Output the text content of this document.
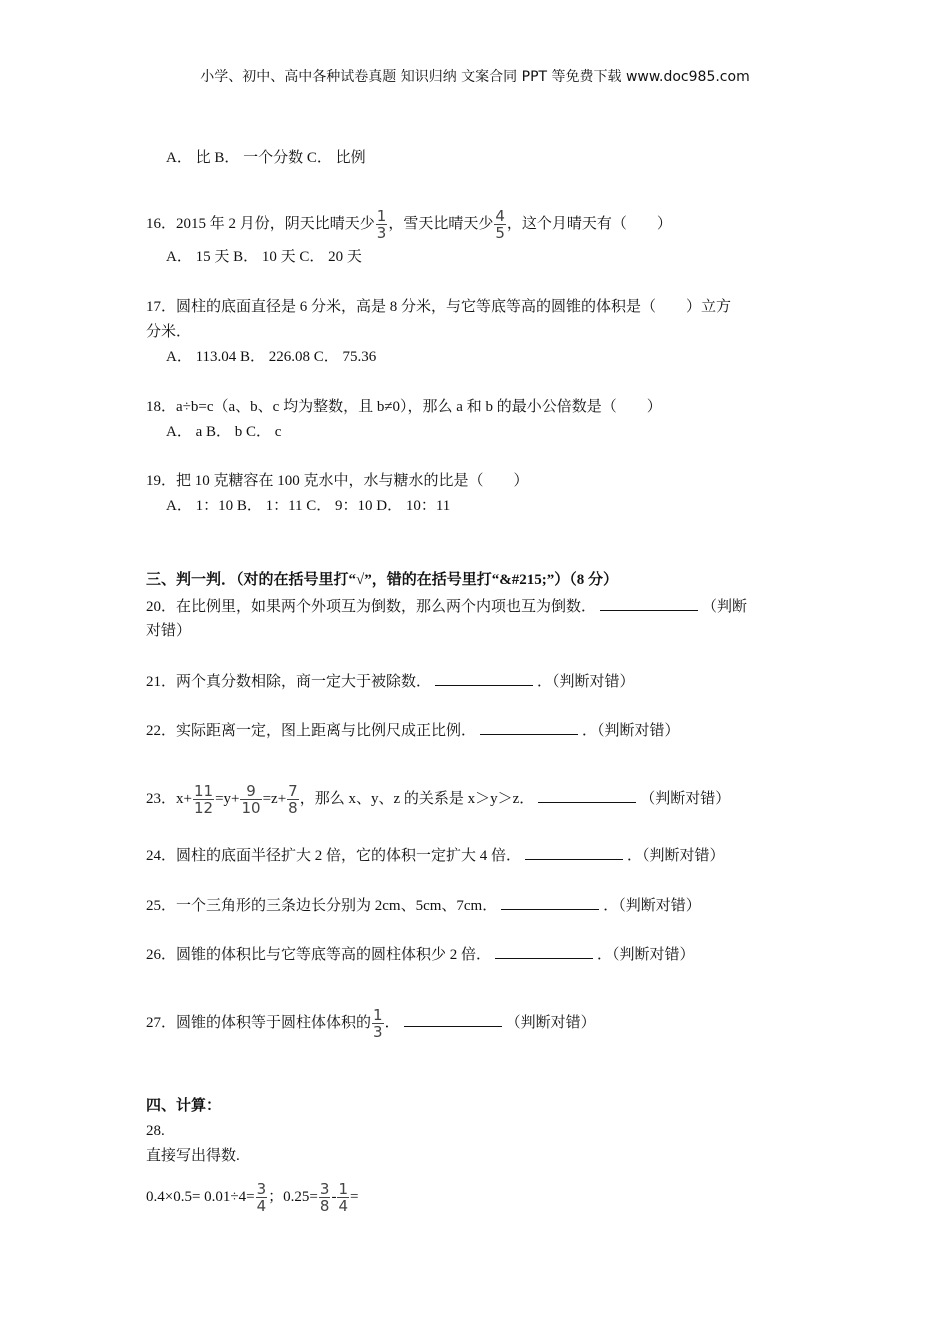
小学、初中、高中各种试卷真题 知识归纳 文案合同 PPT 等免费下载 www.doc985.com
A． 比 B． 一个分数 C． 比例
16．2015 年 2 月份，阴天比晴天少 $\frac{1}{3}$ ，雪天比晴天少 $\frac{4}{5}$ ，这个月晴天有（　　）
A． 15 天 B． 10 天 C． 20 天
17．圆柱的底面直径是 6 分米，高是 8 分米，与它等底等高的圆锥的体积是（　　）立方
分米．
A． 113.04 B． 226.08 C． 75.36
18．a÷b=c（a、b、c 均为整数，且 b≠0），那么 a 和 b 的最小公倍数是（　　）
A． a B． b C． c
19．把 10 克糖容在 100 克水中，水与糖水的比是（　　）
A． 1：10 B． 1：11 C． 9：10 D． 10：11
三、判一判．（对的在括号里打“√”，错的在括号里打“&#215;”）（8 分）
20．在比例里，如果两个外项互为倒数，那么两个内项也互为倒数．	（判断
对错）
21．两个真分数相除，商一定大于被除数．	．（判断对错）
22．实际距离一定，图上距离与比例尺成正比例．	．（判断对错）
23．$x+ \frac{11}{12} =y+ \frac{9}{10} =z+ \frac{7}{8}$ ，那么 x、y、z 的关系是 x＞y＞z．	（判断对错）
24．圆柱的底面半径扩大 2 倍，它的体积一定扩大 4 倍．	．（判断对错）
25．一个三角形的三条边长分别为 2cm、5cm、7cm．	．（判断对错）
26．圆锥的体积比与它等底等高的圆柱体积少 2 倍．	．（判断对错）
27．圆锥的体积等于圆柱体体积的 $\frac{1}{3}$ ．	（判断对错）
四、计算：
28.
直接写出得数.
$0.4\times 0.5= 0.01\div 4= \frac{3}{4}$ ；$0.25= \frac{3}{8} - \frac{1}{4}$ =
